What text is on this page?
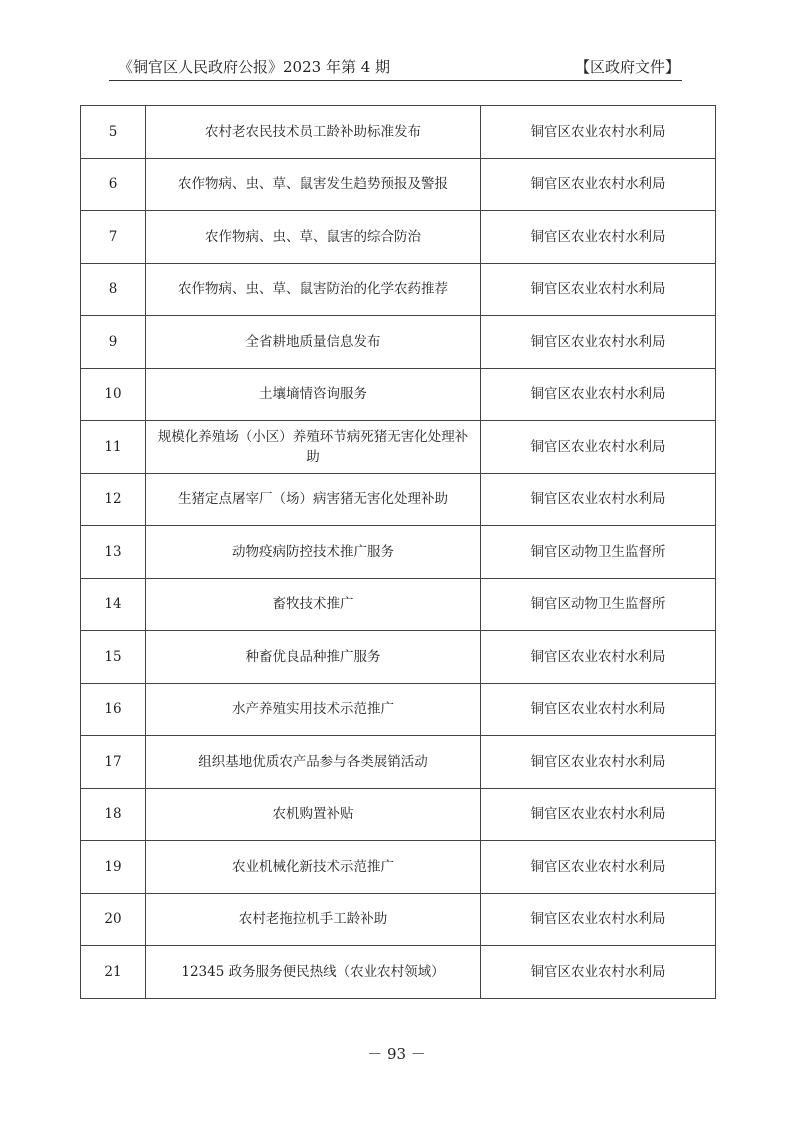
《铜官区人民政府公报》2023 年第 4 期	【区政府文件】
5	农村老农民技术员工龄补助标准发布	铜官区农业农村水利局
6	农作物病、虫、草、鼠害发生趋势预报及警报	铜官区农业农村水利局
7	农作物病、虫、草、鼠害的综合防治	铜官区农业农村水利局
8	农作物病、虫、草、鼠害防治的化学农药推荐	铜官区农业农村水利局
9	全省耕地质量信息发布	铜官区农业农村水利局
10	土壤墒情咨询服务	铜官区农业农村水利局
11	规模化养殖场（小区）养殖环节病死猪无害化处理补助	铜官区农业农村水利局
12	生猪定点屠宰厂（场）病害猪无害化处理补助	铜官区农业农村水利局
13	动物疫病防控技术推广服务	铜官区动物卫生监督所
14	畜牧技术推广	铜官区动物卫生监督所
15	种畜优良品种推广服务	铜官区农业农村水利局
16	水产养殖实用技术示范推广	铜官区农业农村水利局
17	组织基地优质农产品参与各类展销活动	铜官区农业农村水利局
18	农机购置补贴	铜官区农业农村水利局
19	农业机械化新技术示范推广	铜官区农业农村水利局
20	农村老拖拉机手工龄补助	铜官区农业农村水利局
21	12345 政务服务便民热线（农业农村领域）	铜官区农业农村水利局
－ 93 －
